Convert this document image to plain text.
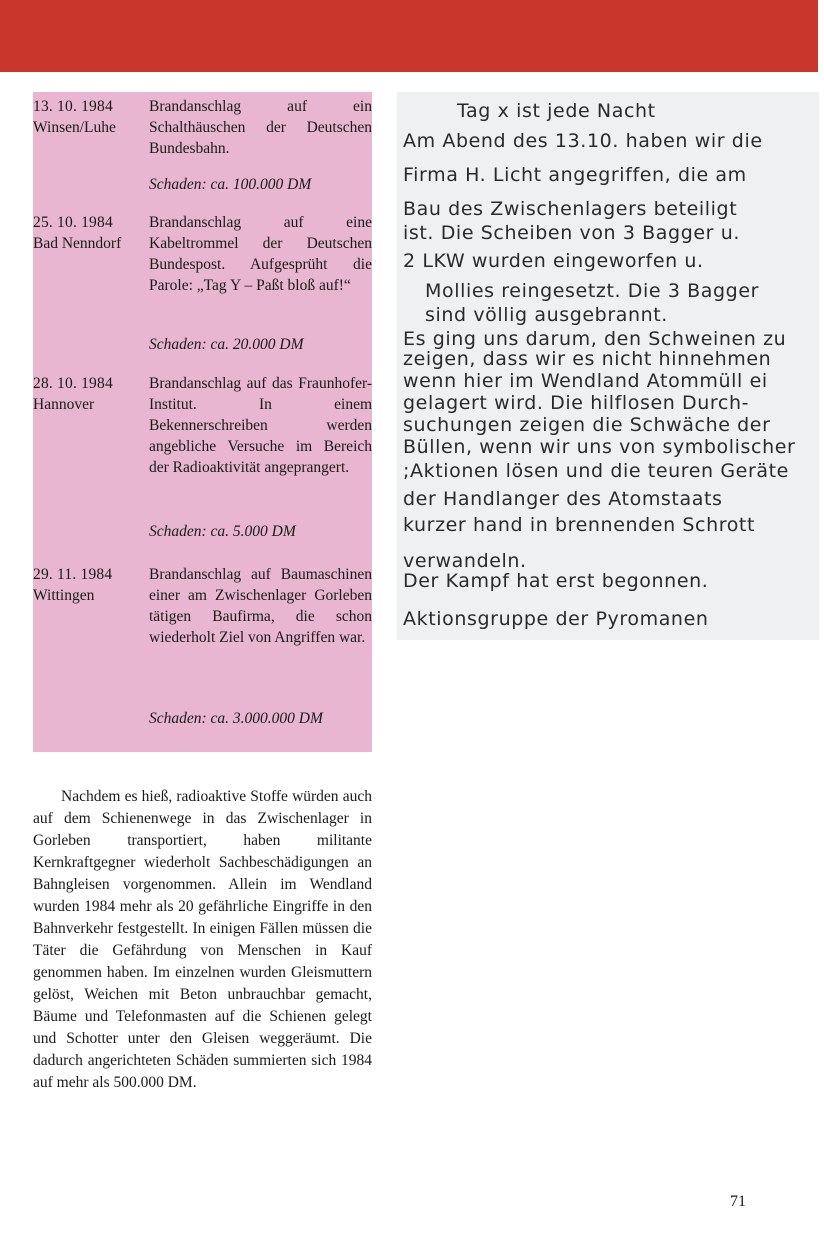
13. 10. 1984
Winsen/Luhe
Brandanschlag auf ein Schalthäuschen der Deutschen Bundesbahn.
Schaden: ca. 100.000 DM
25. 10. 1984
Bad Nenndorf
Brandanschlag auf eine Kabeltrommel der Deutschen Bundespost. Aufgesprüht die Parole: „Tag Y – Paßt bloß auf!“
Schaden: ca. 20.000 DM
28. 10. 1984
Hannover
Brandanschlag auf das Fraunhofer-Institut. In einem Bekennerschreiben werden angebliche Versuche im Bereich der Radioaktivität angeprangert.
Schaden: ca. 5.000 DM
29. 11. 1984
Wittingen
Brandanschlag auf Baumaschinen einer am Zwischenlager Gorleben tätigen Baufirma, die schon wiederholt Ziel von Angriffen war.
Schaden: ca. 3.000.000 DM

Nachdem es hieß, radioaktive Stoffe würden auch auf dem Schienenwege in das Zwischenlager in Gorleben transportiert, haben militante Kernkraftgegner wiederholt Sachbeschädigungen an Bahngleisen vorgenommen. Allein im Wendland wurden 1984 mehr als 20 gefährliche Eingriffe in den Bahnverkehr festgestellt. In einigen Fällen müssen die Täter die Gefährdung von Menschen in Kauf genommen haben. Im einzelnen wurden Gleismuttern gelöst, Weichen mit Beton unbrauchbar gemacht, Bäume und Telefonmasten auf die Schienen gelegt und Schotter unter den Gleisen weggeräumt. Die dadurch angerichteten Schäden summierten sich 1984 auf mehr als 500.000 DM.

Tag x ist jede Nacht
Am Abend des 13.10. haben wir die
Firma H. Licht angegriffen, die am
Bau des Zwischenlagers beteiligt
ist. Die Scheiben von 3 Bagger u.
2 LKW wurden eingeworfen u.
Mollies reingesetzt. Die 3 Bagger
sind völlig ausgebrannt.
Es ging uns darum, den Schweinen zu
zeigen, dass wir es nicht hinnehmen
wenn hier im Wendland Atommüll ei
gelagert wird. Die hilflosen Durch-
suchungen zeigen die Schwäche der
Büllen, wenn wir uns von symbolischer
;Aktionen lösen und die teuren Geräte
der Handlanger des Atomstaats
kurzer hand in brennenden Schrott
verwandeln.
Der Kampf hat erst begonnen.
Aktionsgruppe der Pyromanen
71
